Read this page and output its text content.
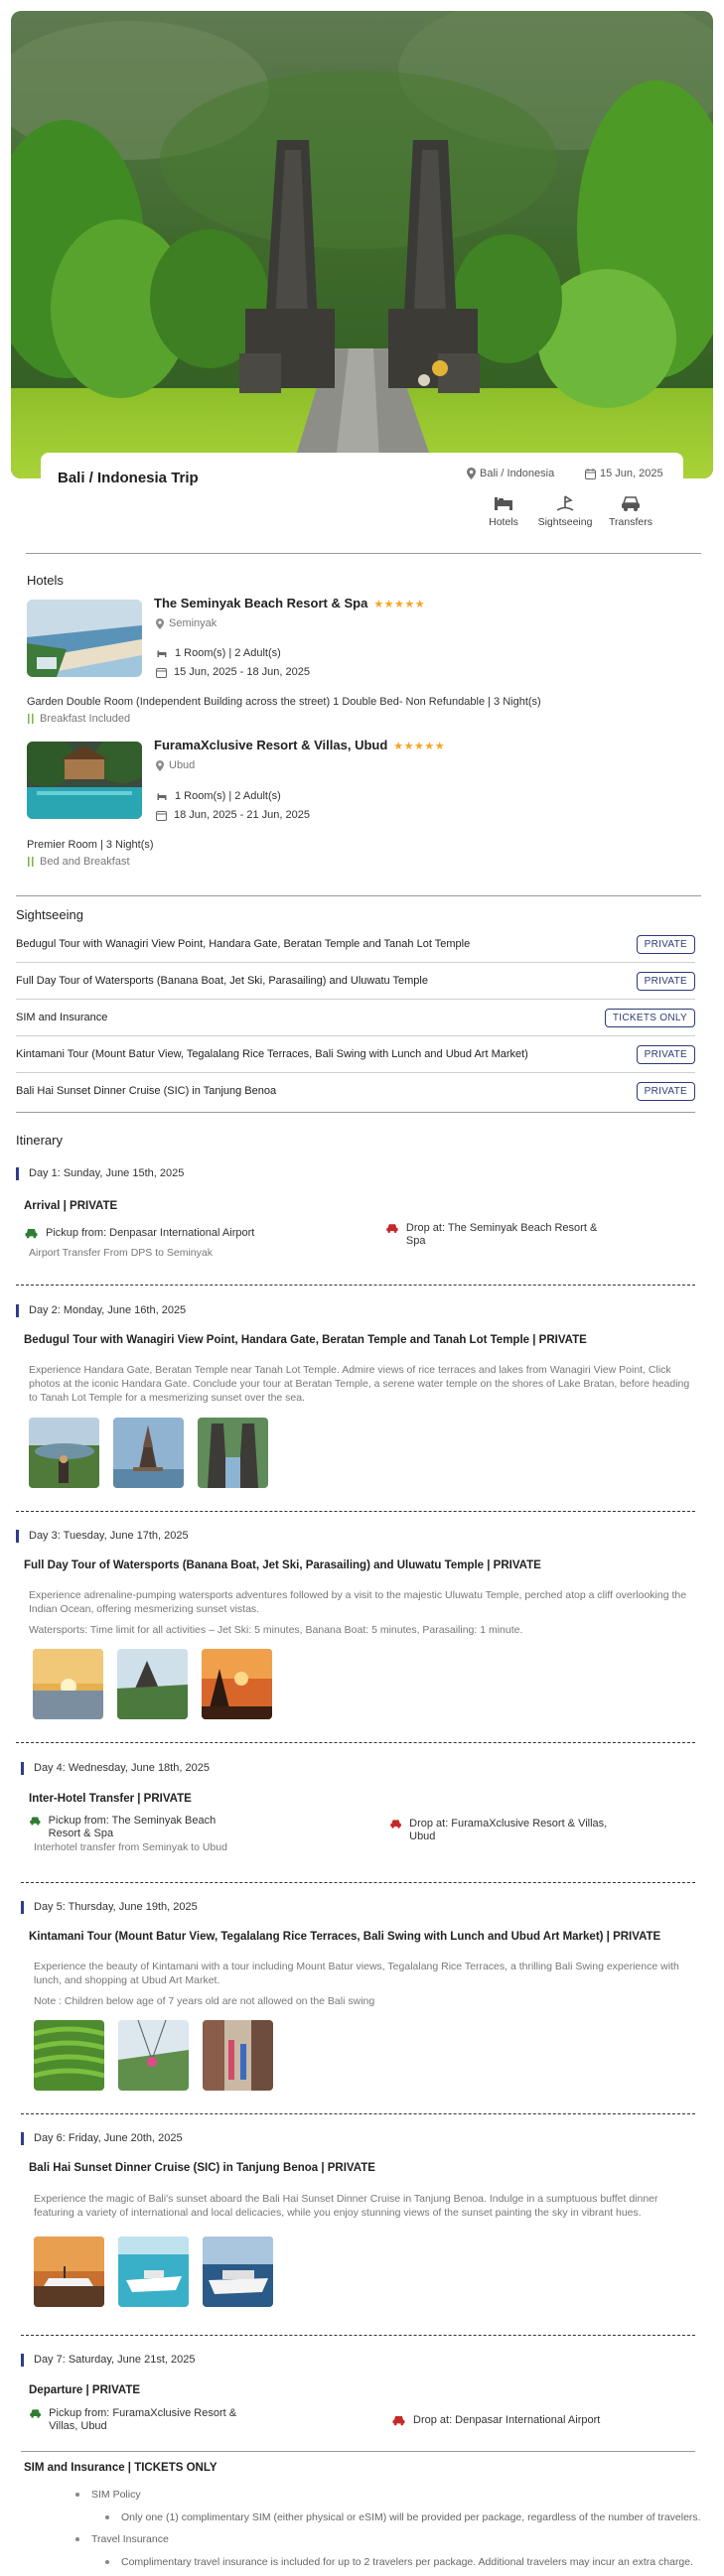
Bali / Indonesia Trip	Bali / Indonesia	15 Jun, 2025
Hotels	Sightseeing	Transfers
Hotels
The Seminyak Beach Resort & Spa ★★★★★
Seminyak
1 Room(s) | 2 Adult(s)
15 Jun, 2025 - 18 Jun, 2025
Garden Double Room (Independent Building across the street) 1 Double Bed- Non Refundable | 3 Night(s)
Breakfast Included
FuramaXclusive Resort & Villas, Ubud ★★★★★
Ubud
1 Room(s) | 2 Adult(s)
18 Jun, 2025 - 21 Jun, 2025
Premier Room | 3 Night(s)
Bed and Breakfast
Sightseeing
Bedugul Tour with Wanagiri View Point, Handara Gate, Beratan Temple and Tanah Lot Temple	PRIVATE
Full Day Tour of Watersports (Banana Boat, Jet Ski, Parasailing) and Uluwatu Temple	PRIVATE
SIM and Insurance	TICKETS ONLY
Kintamani Tour (Mount Batur View, Tegalalang Rice Terraces, Bali Swing with Lunch and Ubud Art Market)	PRIVATE
Bali Hai Sunset Dinner Cruise (SIC) in Tanjung Benoa	PRIVATE
Itinerary
Day 1: Sunday, June 15th, 2025
Arrival | PRIVATE
Pickup from: Denpasar International Airport	Drop at: The Seminyak Beach Resort & Spa
Airport Transfer From DPS to Seminyak
Day 2: Monday, June 16th, 2025
Bedugul Tour with Wanagiri View Point, Handara Gate, Beratan Temple and Tanah Lot Temple | PRIVATE
Experience Handara Gate, Beratan Temple near Tanah Lot Temple. Admire views of rice terraces and lakes from Wanagiri View Point, Click photos at the iconic Handara Gate. Conclude your tour at Beratan Temple, a serene water temple on the shores of Lake Bratan, before heading to Tanah Lot Temple for a mesmerizing sunset over the sea.
Day 3: Tuesday, June 17th, 2025
Full Day Tour of Watersports (Banana Boat, Jet Ski, Parasailing) and Uluwatu Temple | PRIVATE
Experience adrenaline-pumping watersports adventures followed by a visit to the majestic Uluwatu Temple, perched atop a cliff overlooking the Indian Ocean, offering mesmerizing sunset vistas.
Watersports: Time limit for all activities – Jet Ski: 5 minutes, Banana Boat: 5 minutes, Parasailing: 1 minute.
Day 4: Wednesday, June 18th, 2025
Inter-Hotel Transfer | PRIVATE
Pickup from: The Seminyak Beach Resort & Spa
Drop at: FuramaXclusive Resort & Villas, Ubud
Interhotel transfer from Seminyak to Ubud
Day 5: Thursday, June 19th, 2025
Kintamani Tour (Mount Batur View, Tegalalang Rice Terraces, Bali Swing with Lunch and Ubud Art Market) | PRIVATE
Experience the beauty of Kintamani with a tour including Mount Batur views, Tegalalang Rice Terraces, a thrilling Bali Swing experience with lunch, and shopping at Ubud Art Market.
Note : Children below age of 7 years old are not allowed on the Bali swing
Day 6: Friday, June 20th, 2025
Bali Hai Sunset Dinner Cruise (SIC) in Tanjung Benoa | PRIVATE
Experience the magic of Bali's sunset aboard the Bali Hai Sunset Dinner Cruise in Tanjung Benoa. Indulge in a sumptuous buffet dinner featuring a variety of international and local delicacies, while you enjoy stunning views of the sunset painting the sky in vibrant hues.
Day 7: Saturday, June 21st, 2025
Departure | PRIVATE
Pickup from: FuramaXclusive Resort & Villas, Ubud	Drop at: Denpasar International Airport
SIM and Insurance | TICKETS ONLY
SIM Policy
Only one (1) complimentary SIM (either physical or eSIM) will be provided per package, regardless of the number of travelers.
Travel Insurance
Complimentary travel insurance is included for up to 2 travelers per package. Additional travelers may incur an extra charge.
